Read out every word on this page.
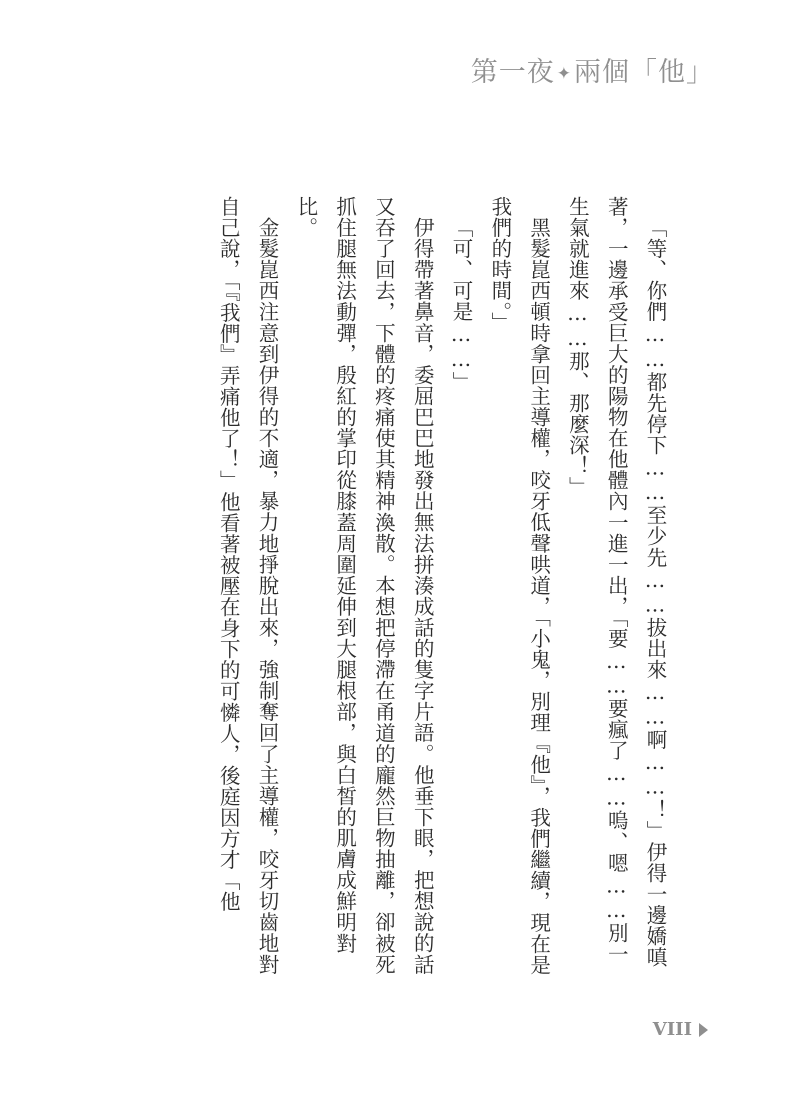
第一夜 ✦兩個「他」

「等、你們……都先停下……至少先……拔出來……啊……！」伊得一邊嬌嗔著，一邊承受巨大的陽物在他體內一進一出，「要……要瘋了……嗚、嗯……別一生氣就進來……那、那麼深！」

黑髮崑西頓時拿回主導權，咬牙低聲哄道，「小鬼，別理『他』，我們繼續，現在是我們的時間。」

「可、可是……」

伊得帶著鼻音，委屈巴巴地發出無法拼湊成話的隻字片語。他垂下眼，把想說的話又吞了回去，下體的疼痛使其精神渙散。本想把停滯在甬道的龐然巨物抽離，卻被死抓住腿無法動彈，殷紅的掌印從膝蓋周圍延伸到大腿根部，與白皙的肌膚成鮮明對比。

金髮崑西注意到伊得的不適，暴力地掙脫出來，強制奪回了主導權，咬牙切齒地對自己說，「『我們』弄痛他了！」他看著被壓在身下的可憐人，後庭因方才「他

VIII
